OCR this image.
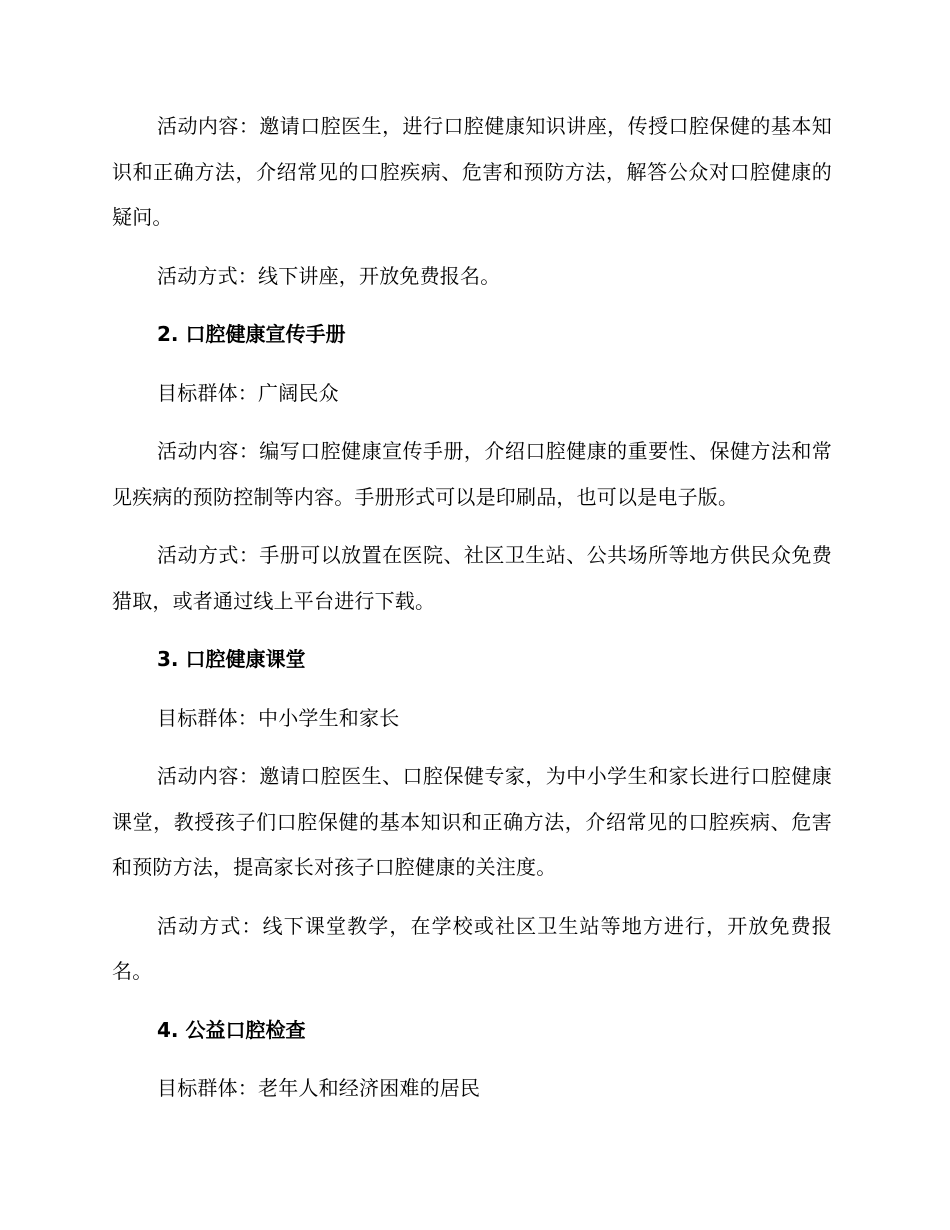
活动内容：邀请口腔医生，进行口腔健康知识讲座，传授口腔保健的基本知识和正确方法，介绍常见的口腔疾病、危害和预防方法，解答公众对口腔健康的疑问。

活动方式：线下讲座，开放免费报名。

2. 口腔健康宣传手册

目标群体：广阔民众

活动内容：编写口腔健康宣传手册，介绍口腔健康的重要性、保健方法和常见疾病的预防控制等内容。手册形式可以是印刷品，也可以是电子版。

活动方式：手册可以放置在医院、社区卫生站、公共场所等地方供民众免费猎取，或者通过线上平台进行下载。

3. 口腔健康课堂

目标群体：中小学生和家长

活动内容：邀请口腔医生、口腔保健专家，为中小学生和家长进行口腔健康课堂，教授孩子们口腔保健的基本知识和正确方法，介绍常见的口腔疾病、危害和预防方法，提高家长对孩子口腔健康的关注度。

活动方式：线下课堂教学，在学校或社区卫生站等地方进行，开放免费报名。

4. 公益口腔检查

目标群体：老年人和经济困难的居民
